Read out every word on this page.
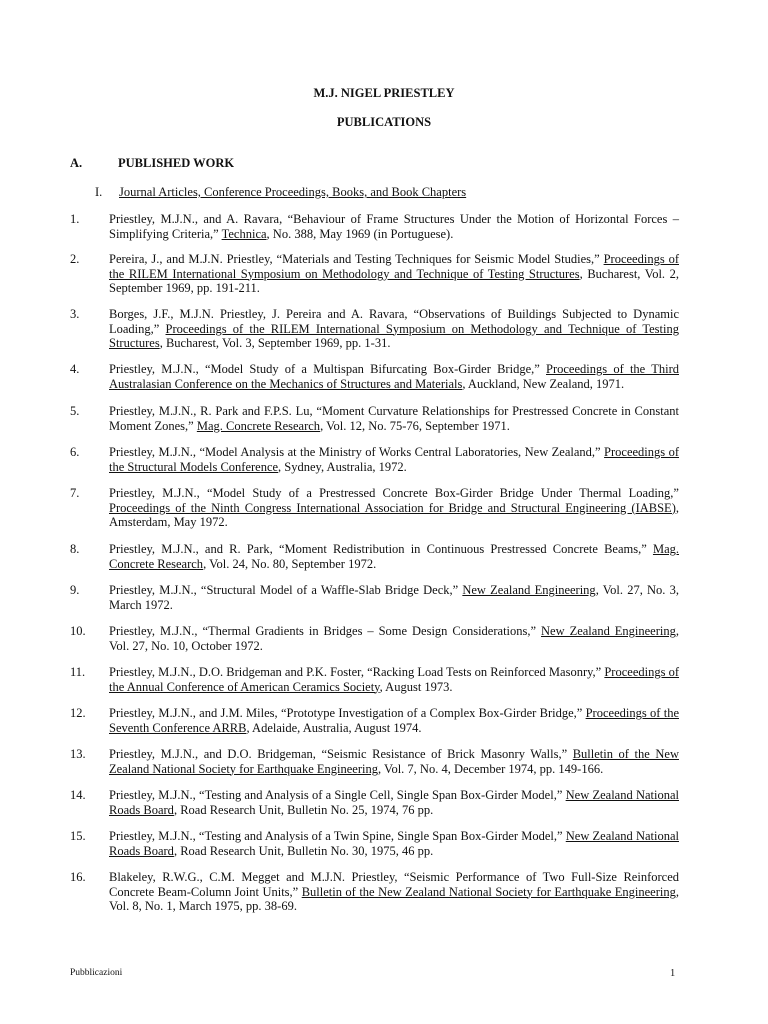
M.J. NIGEL PRIESTLEY
PUBLICATIONS
A.	PUBLISHED WORK
I. Journal Articles, Conference Proceedings, Books, and Book Chapters
1.	Priestley, M.J.N., and A. Ravara, “Behaviour of Frame Structures Under the Motion of Horizontal Forces – Simplifying Criteria,” Technica, No. 388, May 1969 (in Portuguese).
2.	Pereira, J., and M.J.N. Priestley, “Materials and Testing Techniques for Seismic Model Studies,” Proceedings of the RILEM International Symposium on Methodology and Technique of Testing Structures, Bucharest, Vol. 2, September 1969, pp. 191-211.
3.	Borges, J.F., M.J.N. Priestley, J. Pereira and A. Ravara, “Observations of Buildings Subjected to Dynamic Loading,” Proceedings of the RILEM International Symposium on Methodology and Technique of Testing Structures, Bucharest, Vol. 3, September 1969, pp. 1-31.
4.	Priestley, M.J.N., “Model Study of a Multispan Bifurcating Box-Girder Bridge,” Proceedings of the Third Australasian Conference on the Mechanics of Structures and Materials, Auckland, New Zealand, 1971.
5.	Priestley, M.J.N., R. Park and F.P.S. Lu, “Moment Curvature Relationships for Prestressed Concrete in Constant Moment Zones,” Mag. Concrete Research, Vol. 12, No. 75-76, September 1971.
6.	Priestley, M.J.N., “Model Analysis at the Ministry of Works Central Laboratories, New Zealand,” Proceedings of the Structural Models Conference, Sydney, Australia, 1972.
7.	Priestley, M.J.N., “Model Study of a Prestressed Concrete Box-Girder Bridge Under Thermal Loading,” Proceedings of the Ninth Congress International Association for Bridge and Structural Engineering (IABSE), Amsterdam, May 1972.
8.	Priestley, M.J.N., and R. Park, “Moment Redistribution in Continuous Prestressed Concrete Beams,” Mag. Concrete Research, Vol. 24, No. 80, September 1972.
9.	Priestley, M.J.N., “Structural Model of a Waffle-Slab Bridge Deck,” New Zealand Engineering, Vol. 27, No. 3, March 1972.
10.	Priestley, M.J.N., “Thermal Gradients in Bridges – Some Design Considerations,” New Zealand Engineering, Vol. 27, No. 10, October 1972.
11.	Priestley, M.J.N., D.O. Bridgeman and P.K. Foster, “Racking Load Tests on Reinforced Masonry,” Proceedings of the Annual Conference of American Ceramics Society, August 1973.
12.	Priestley, M.J.N., and J.M. Miles, “Prototype Investigation of a Complex Box-Girder Bridge,” Proceedings of the Seventh Conference ARRB, Adelaide, Australia, August 1974.
13.	Priestley, M.J.N., and D.O. Bridgeman, “Seismic Resistance of Brick Masonry Walls,” Bulletin of the New Zealand National Society for Earthquake Engineering, Vol. 7, No. 4, December 1974, pp. 149-166.
14.	Priestley, M.J.N., “Testing and Analysis of a Single Cell, Single Span Box-Girder Model,” New Zealand National Roads Board, Road Research Unit, Bulletin No. 25, 1974, 76 pp.
15.	Priestley, M.J.N., “Testing and Analysis of a Twin Spine, Single Span Box-Girder Model,” New Zealand National Roads Board, Road Research Unit, Bulletin No. 30, 1975, 46 pp.
16.	Blakeley, R.W.G., C.M. Megget and M.J.N. Priestley, “Seismic Performance of Two Full-Size Reinforced Concrete Beam-Column Joint Units,” Bulletin of the New Zealand National Society for Earthquake Engineering, Vol. 8, No. 1, March 1975, pp. 38-69.
Pubblicazioni	1
